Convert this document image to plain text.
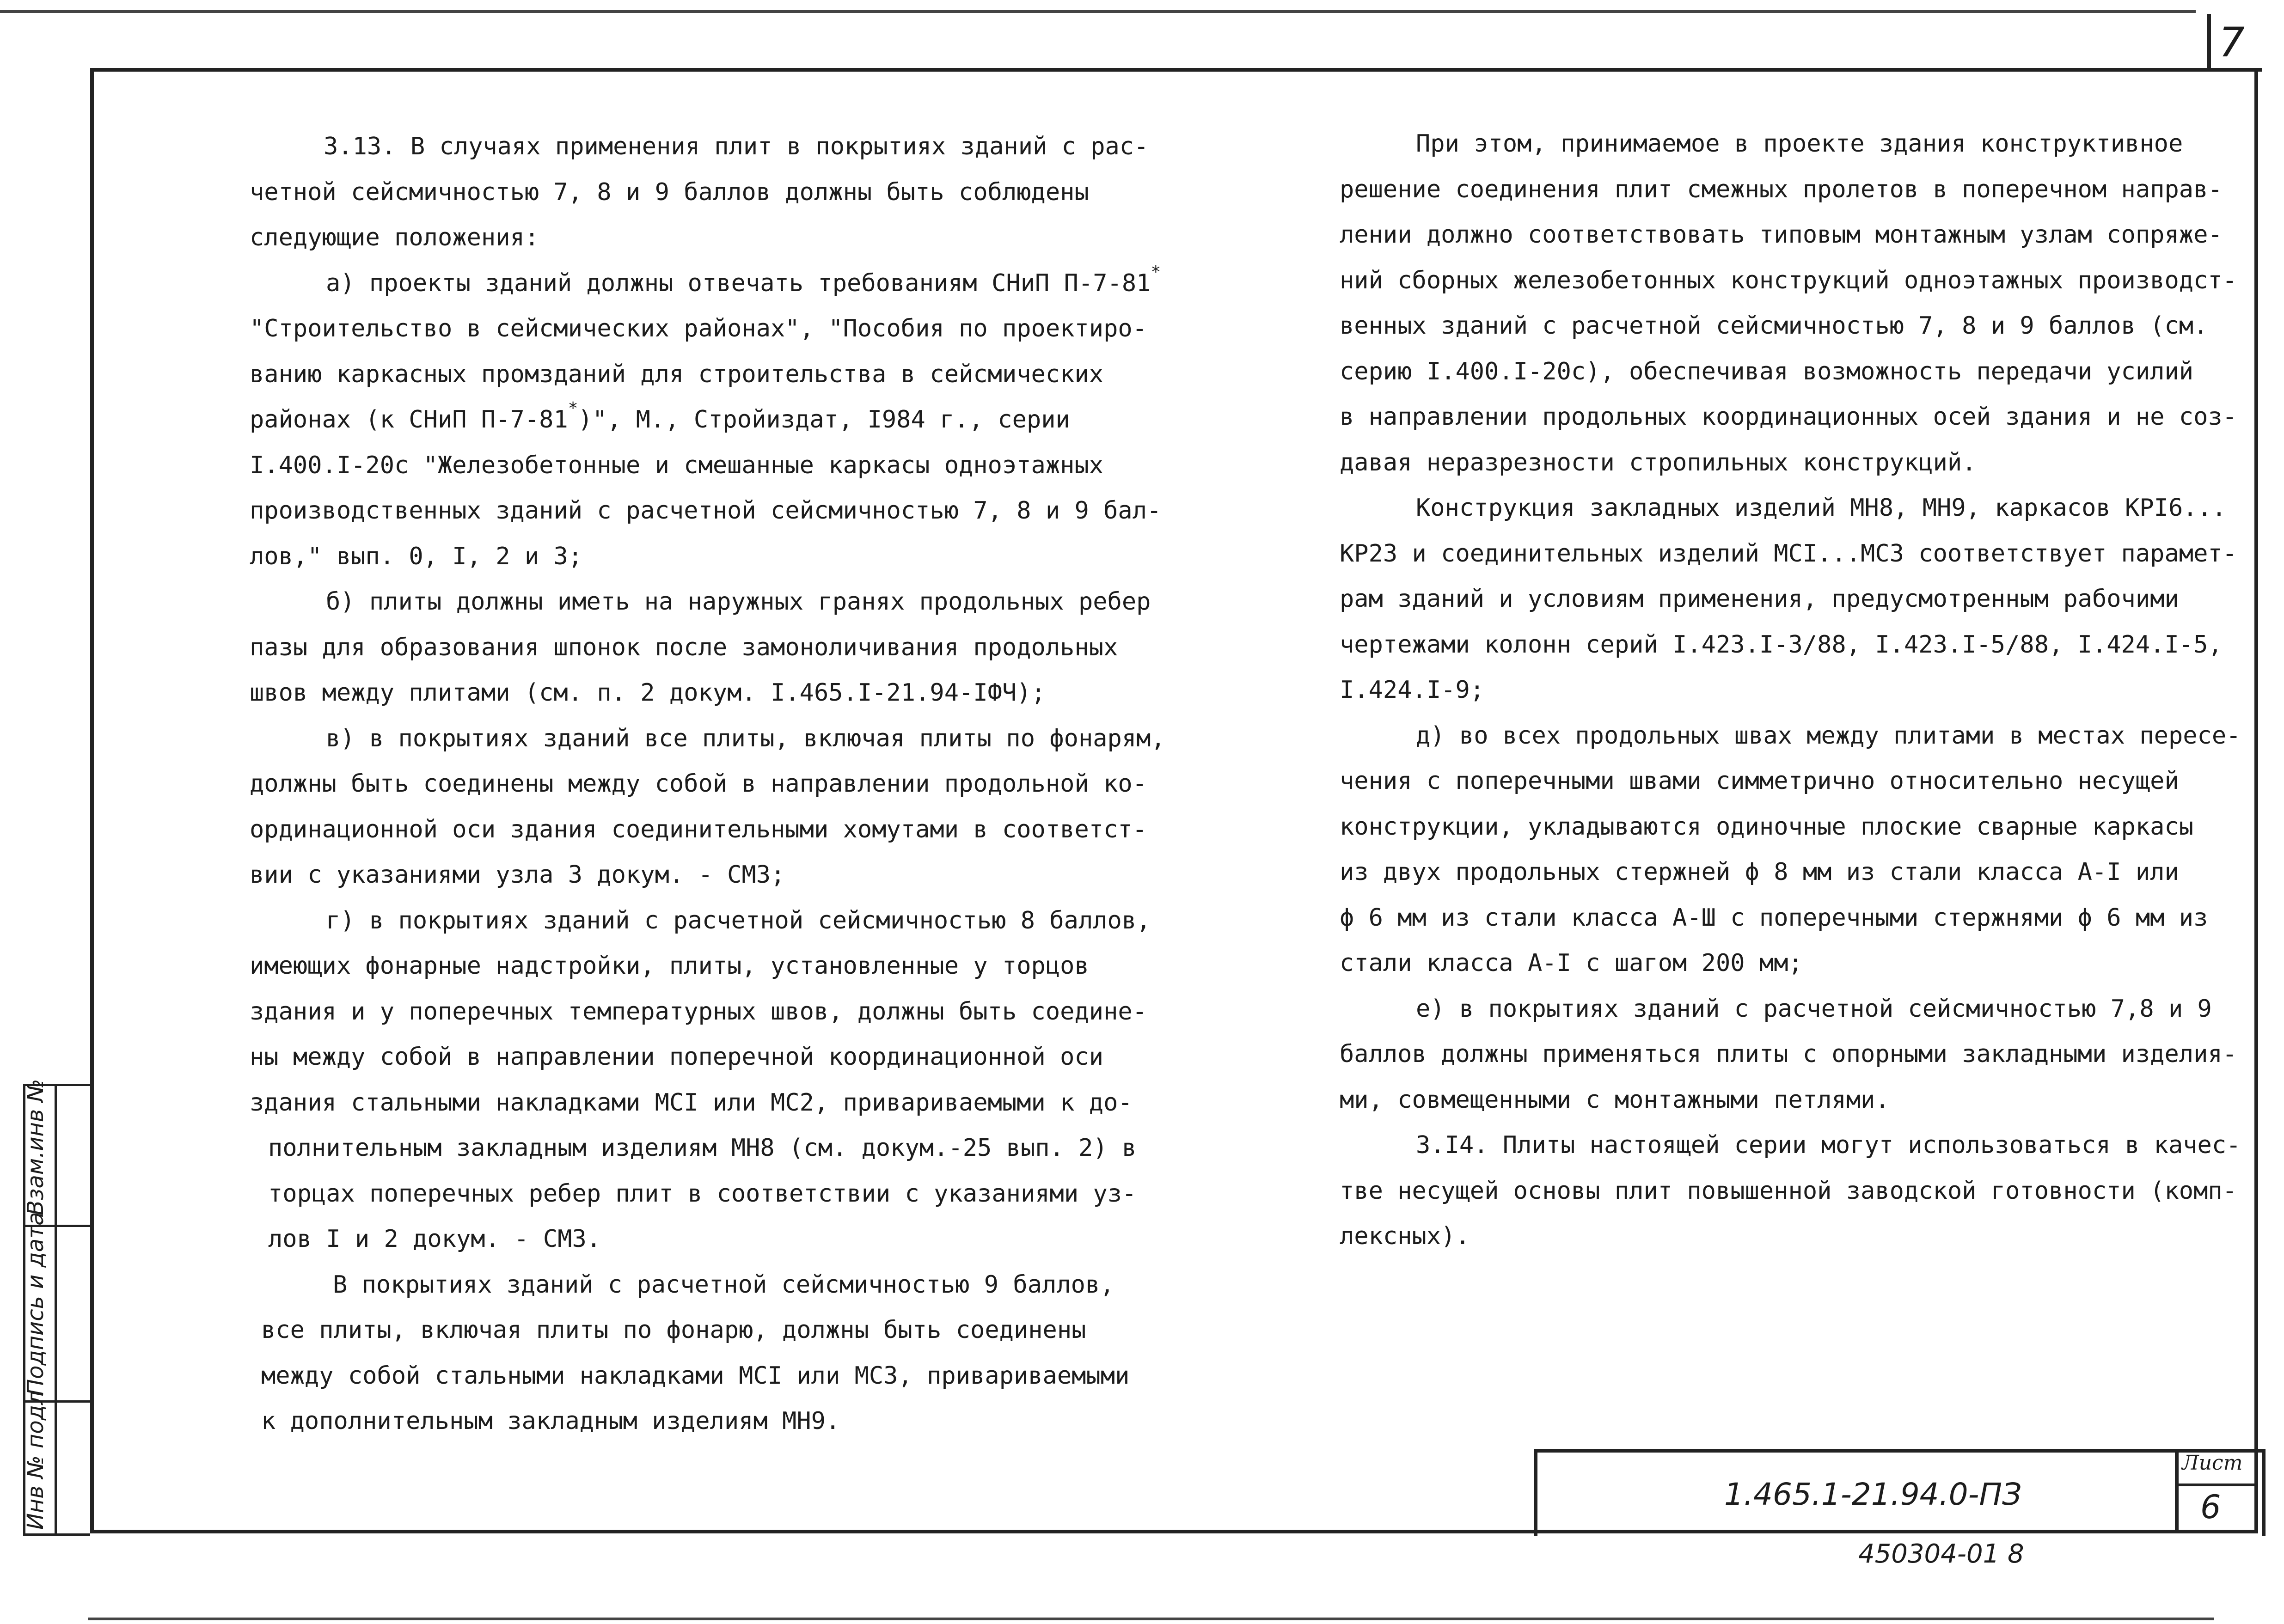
7
3.13. В случаях применения плит в покрытиях зданий с рас-
четной сейсмичностью 7, 8 и 9 баллов должны быть соблюдены
следующие положения:
а) проекты зданий должны отвечать требованиям СНиП П-7-81*
"Строительство в сейсмических районах", "Пособия по проектиро-
ванию каркасных промзданий для строительства в сейсмических
районах (к СНиП П-7-81*)", М., Стройиздат, I984 г., серии
I.400.I-20с "Железобетонные и смешанные каркасы одноэтажных
производственных зданий с расчетной сейсмичностью 7, 8 и 9 бал-
лов," вып. 0, I, 2 и 3;
б) плиты должны иметь на наружных гранях продольных ребер
пазы для образования шпонок после замоноличивания продольных
швов между плитами (см. п. 2 докум. I.465.I-21.94-IФЧ);
в) в покрытиях зданий все плиты, включая плиты по фонарям,
должны быть соединены между собой в направлении продольной ко-
ординационной оси здания соединительными хомутами в соответст-
вии с указаниями узла 3 докум. - СМ3;
г) в покрытиях зданий с расчетной сейсмичностью 8 баллов,
имеющих фонарные надстройки, плиты, установленные у торцов
здания и у поперечных температурных швов, должны быть соедине-
ны между собой в направлении поперечной координационной оси
здания стальными накладками МСI или МС2, привариваемыми к до-
полнительным закладным изделиям МН8 (см. докум.-25 вып. 2) в
торцах поперечных ребер плит в соответствии с указаниями уз-
лов I и 2 докум. - СМ3.
В покрытиях зданий с расчетной сейсмичностью 9 баллов,
все плиты, включая плиты по фонарю, должны быть соединены
между собой стальными накладками МСI или МС3, привариваемыми
к дополнительным закладным изделиям МН9.
При этом, принимаемое в проекте здания конструктивное
решение соединения плит смежных пролетов в поперечном направ-
лении должно соответствовать типовым монтажным узлам сопряже-
ний сборных железобетонных конструкций одноэтажных производст-
венных зданий с расчетной сейсмичностью 7, 8 и 9 баллов (см.
серию I.400.I-20с), обеспечивая возможность передачи усилий
в направлении продольных координационных осей здания и не соз-
давая неразрезности стропильных конструкций.
Конструкция закладных изделий МН8, МН9, каркасов КРI6...
КР23 и соединительных изделий МСI...МС3 соответствует парамет-
рам зданий и условиям применения, предусмотренным рабочими
чертежами колонн серий I.423.I-3/88, I.423.I-5/88, I.424.I-5,
I.424.I-9;
д) во всех продольных швах между плитами в местах пересе-
чения с поперечными швами симметрично относительно несущей
конструкции, укладываются одиночные плоские сварные каркасы
из двух продольных стержней ϕ 8 мм из стали класса А-I или
ϕ 6 мм из стали класса А-Ш с поперечными стержнями ϕ 6 мм из
стали класса А-I с шагом 200 мм;
е) в покрытиях зданий с расчетной сейсмичностью 7,8 и 9
баллов должны применяться плиты с опорными закладными изделия-
ми, совмещенными с монтажными петлями.
3.I4. Плиты настоящей серии могут использоваться в качес-
тве несущей основы плит повышенной заводской готовности (комп-
лексных).
Взам.инв №
Подпись и дата
Инв № подл	1.465.1-21.94.0-ПЗ
Лист
6
450304-01 8
